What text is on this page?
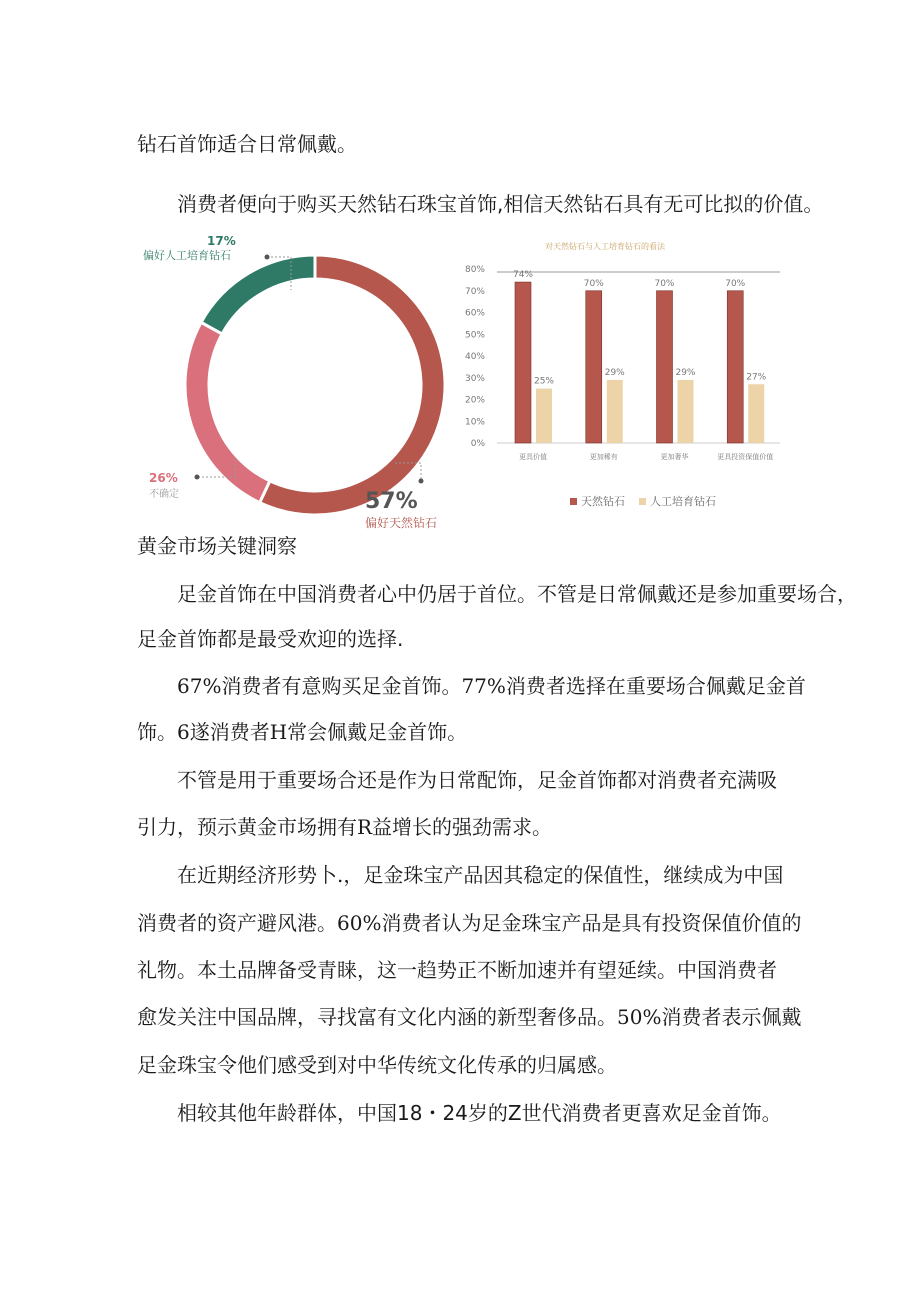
钻石首饰适合日常佩戴。
消费者便向于购买天然钻石珠宝首饰,相信天然钻石具有无可比拟的价值。
57%
偏好天然钻石
26%
不确定
17%
偏好人工培育钻石
对天然钻石与人工培育钻石的看法
0%
10%
20%
30%
40%
50%
60%
70%
80%
74%
25%
更具价值
70%
29%
更加稀有
70%
29%
更加奢华
70%
27%
更具投资保值价值
天然钻石 人工培育钻石
黄金市场关键洞察
足金首饰在中国消费者心中仍居于首位。不管是日常佩戴还是参加重要场合，
足金首饰都是最受欢迎的选择.
67%消费者有意购买足金首饰。77%消费者选择在重要场合佩戴足金首
饰。6遂消费者H常会佩戴足金首饰。
不管是用于重要场合还是作为日常配饰，足金首饰都对消费者充满吸
引力，预示黄金市场拥有R益增长的强劲需求。
在近期经济形势卜.，足金珠宝产品因其稳定的保值性，继续成为中国
消费者的资产避风港。60%消费者认为足金珠宝产品是具有投资保值价值的
礼物。本土品牌备受青睐，这一趋势正不断加速并有望延续。中国消费者
愈发关注中国品牌，寻找富有文化内涵的新型奢侈品。50%消费者表示佩戴
足金珠宝令他们感受到对中华传统文化传承的归属感。
相较其他年龄群体，中国18・24岁的Z世代消费者更喜欢足金首饰。
